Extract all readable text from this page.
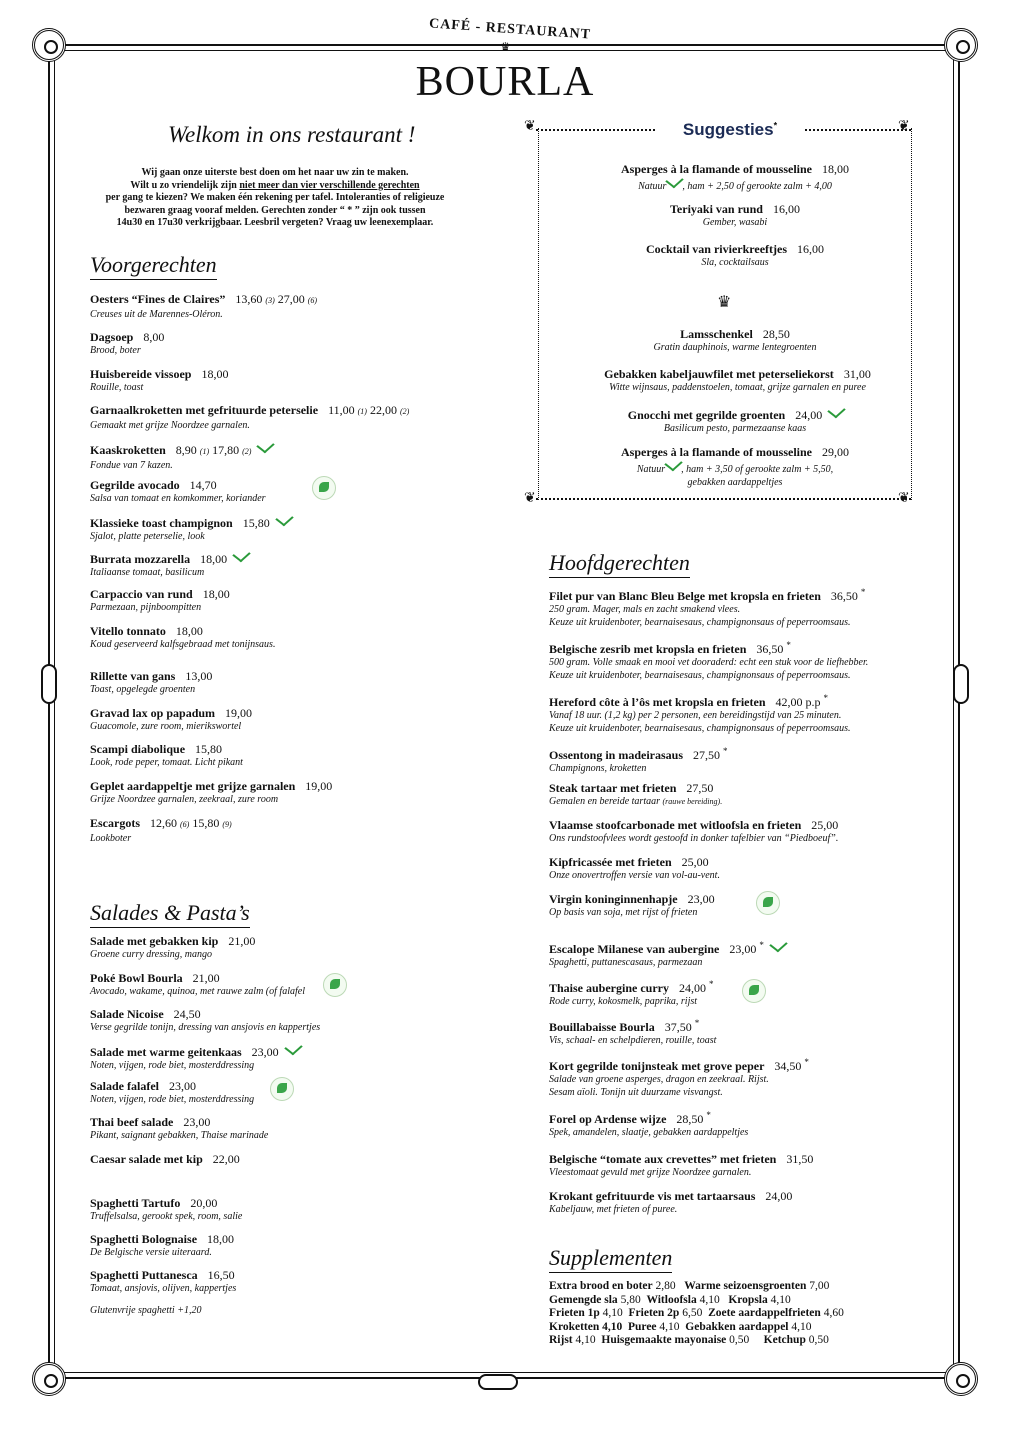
CAFÉ - RESTAURANT
♛
BOURLA
Welkom in ons restaurant !
Wij gaan onze uiterste best doen om het naar uw zin te maken.
Wilt u zo vriendelijk zijn niet meer dan vier verschillende gerechten
per gang te kiezen? We maken één rekening per tafel. Intoleranties of religieuze
bezwaren graag vooraf melden. Gerechten zonder “ * ” zijn ook tussen
14u30 en 17u30 verkrijgbaar. Leesbril vergeten? Vraag uw leenexemplaar.
Voorgerechten
Oesters “Fines de Claires” 13,60 (3) 27,00 (6)
Creuses uit de Marennes-Oléron.
Dagsoep 8,00
Brood, boter
Huisbereide vissoep 18,00
Rouille, toast
Garnaalkroketten met gefrituurde peterselie 11,00 (1) 22,00 (2)
Gemaakt met grijze Noordzee garnalen.
Kaaskroketten 8,90 (1) 17,80 (2)
Fondue van 7 kazen.
Gegrilde avocado 14,70
Salsa van tomaat en komkommer, koriander
Klassieke toast champignon 15,80
Sjalot, platte peterselie, look
Burrata mozzarella 18,00
Italiaanse tomaat, basilicum
Carpaccio van rund 18,00
Parmezaan, pijnboompitten
Vitello tonnato 18,00
Koud geserveerd kalfsgebraad met tonijnsaus.
Rillette van gans 13,00
Toast, opgelegde groenten
Gravad lax op papadum 19,00
Guacomole, zure room, mierikswortel
Scampi diabolique 15,80
Look, rode peper, tomaat. Licht pikant
Geplet aardappeltje met grijze garnalen 19,00
Grijze Noordzee garnalen, zeekraal, zure room
Escargots 12,60 (6) 15,80 (9)
Lookboter
Salades & Pasta’s
Salade met gebakken kip 21,00
Groene curry dressing, mango
Poké Bowl Bourla 21,00
Avocado, wakame, quinoa, met rauwe zalm (of falafel
Salade Nicoise 24,50
Verse gegrilde tonijn, dressing van ansjovis en kappertjes
Salade met warme geitenkaas 23,00
Noten, vijgen, rode biet, mosterddressing
Salade falafel 23,00
Noten, vijgen, rode biet, mosterddressing
Thai beef salade 23,00
Pikant, saignant gebakken, Thaise marinade
Caesar salade met kip 22,00
Spaghetti Tartufo 20,00
Truffelsalsa, gerookt spek, room, salie
Spaghetti Bolognaise 18,00
De Belgische versie uiteraard.
Spaghetti Puttanesca 16,50
Tomaat, ansjovis, olijven, kappertjes
Glutenvrije spaghetti +1,20
❦	❦
❦	❦
Suggesties*
Asperges à la flamande of mousseline 18,00
Natuur , ham + 2,50 of gerookte zalm + 4,00
Teriyaki van rund 16,00
Gember, wasabi
Cocktail van rivierkreeftjes 16,00
Sla, cocktailsaus
♛
Lamsschenkel 28,50
Gratin dauphinois, warme lentegroenten
Gebakken kabeljauwfilet met peterseliekorst 31,00
Witte wijnsaus, paddenstoelen, tomaat, grijze garnalen en puree
Gnocchi met gegrilde groenten 24,00
Basilicum pesto, parmezaanse kaas
Asperges à la flamande of mousseline 29,00
Natuur , ham + 3,50 of gerookte zalm + 5,50,
gebakken aardappeltjes
Hoofdgerechten
Filet pur van Blanc Bleu Belge met kropsla en frieten 36,50 *
250 gram. Mager, mals en zacht smakend vlees.
Keuze uit kruidenboter, bearnaisesaus, champignonsaus of peperroomsaus.
Belgische zesrib met kropsla en frieten 36,50 *
500 gram. Volle smaak en mooi vet dooraderd: echt een stuk voor de liefhebber.
Keuze uit kruidenboter, bearnaisesaus, champignonsaus of peperroomsaus.
Hereford côte à l’ôs met kropsla en frieten 42,00 p.p *
Vanaf 18 uur. (1,2 kg) per 2 personen, een bereidingstijd van 25 minuten.
Keuze uit kruidenboter, bearnaisesaus, champignonsaus of peperroomsaus.
Ossentong in madeirasaus 27,50 *
Champignons, kroketten
Steak tartaar met frieten 27,50
Gemalen en bereide tartaar (rauwe bereiding).
Vlaamse stoofcarbonade met witloofsla en frieten 25,00
Ons rundstoofvlees wordt gestoofd in donker tafelbier van “Piedboeuf”.
Kipfricassée met frieten 25,00
Onze onovertroffen versie van vol-au-vent.
Virgin koninginnenhapje 23,00
Op basis van soja, met rijst of frieten
Escalope Milanese van aubergine 23,00 *
Spaghetti, puttanescasaus, parmezaan
Thaise aubergine curry 24,00 *
Rode curry, kokosmelk, paprika, rijst
Bouillabaisse Bourla 37,50 *
Vis, schaal- en schelpdieren, rouille, toast
Kort gegrilde tonijnsteak met grove peper 34,50 *
Salade van groene asperges, dragon en zeekraal. Rijst.
Sesam aïoli. Tonijn uit duurzame visvangst.
Forel op Ardense wijze 28,50 *
Spek, amandelen, slaatje, gebakken aardappeltjes
Belgische “tomate aux crevettes” met frieten 31,50
Vleestomaat gevuld met grijze Noordzee garnalen.
Krokant gefrituurde vis met tartaarsaus 24,00
Kabeljauw, met frieten of puree.
Supplementen
Extra brood en boter 2,80 Warme seizoensgroenten 7,00
Gemengde sla 5,80 Witloofsla 4,10 Kropsla 4,10
Frieten 1p 4,10 Frieten 2p 6,50 Zoete aardappelfrieten 4,60
Kroketten 4,10 Puree 4,10 Gebakken aardappel 4,10
Rijst 4,10 Huisgemaakte mayonaise 0,50 Ketchup 0,50
